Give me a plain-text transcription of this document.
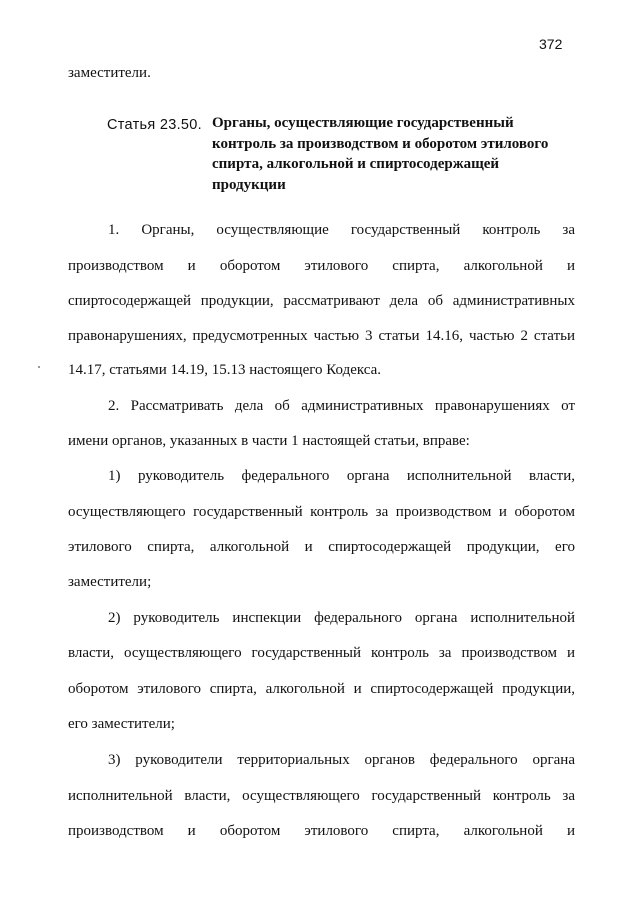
372
заместители.
Статья 23.50. Органы, осуществляющие государственный
контроль за производством и оборотом этилового
спирта, алкогольной и спиртосодержащей
продукции
1. Органы, осуществляющие государственный контроль за
производством и оборотом этилового спирта, алкогольной и
спиртосодержащей продукции, рассматривают дела об административных
правонарушениях, предусмотренных частью 3 статьи 14.16, частью 2 статьи
14.17, статьями 14.19, 15.13 настоящего Кодекса.
2. Рассматривать дела об административных правонарушениях от
имени органов, указанных в части 1 настоящей статьи, вправе:
1) руководитель федерального органа исполнительной власти,
осуществляющего государственный контроль за производством и оборотом
этилового спирта, алкогольной и спиртосодержащей продукции, его
заместители;
2) руководитель инспекции федерального органа исполнительной
власти, осуществляющего государственный контроль за производством и
оборотом этилового спирта, алкогольной и спиртосодержащей продукции,
его заместители;
3) руководители территориальных органов федерального органа
исполнительной власти, осуществляющего государственный контроль за
производством и оборотом этилового спирта, алкогольной и
